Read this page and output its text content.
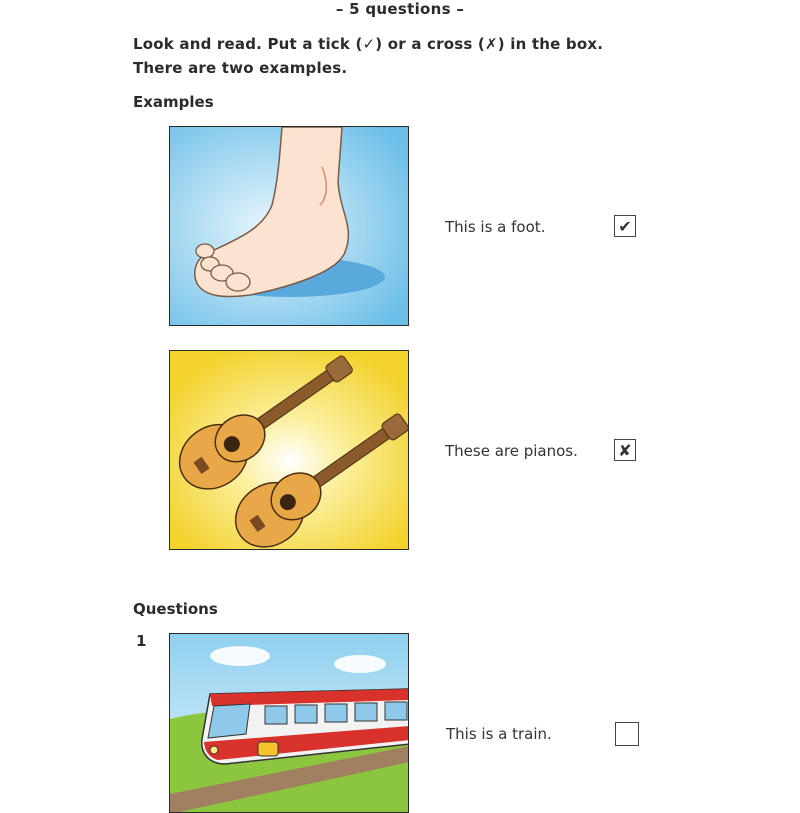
– 5 questions –
Look and read. Put a tick (✓) or a cross (✗) in the box.
There are two examples.
Examples
This is a foot.	✔
These are pianos.	✘
Questions
1
This is a train.
